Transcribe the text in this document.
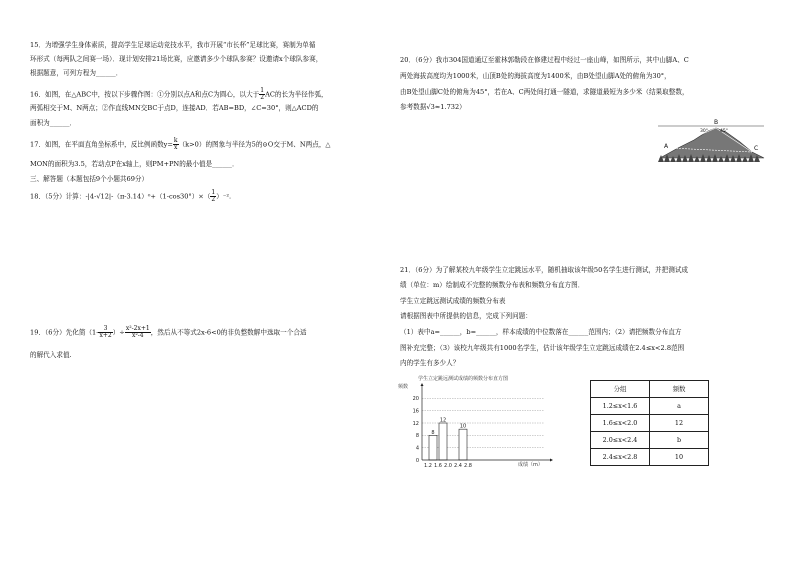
15．为增强学生身体素质，提高学生足球运动竞技水平，我市开展“市长杯”足球比赛，赛制为单循
环形式（每两队之间赛一场）．现计划安排21场比赛，应邀请多少个球队参赛？设邀请x个球队参赛，
根据题意，可列方程为______．
16．如图，在△ABC中，按以下步骤作图：①分别以点A和点C为圆心，以大于 $\frac{1}{2}$ AC的长为半径作弧，
两弧相交于M、N两点；②作直线MN交BC于点D，连接AD．若AB=BD，∠C=30°，则△ACD的
面积为______．
17．如图，在平面直角坐标系中，反比例函数$y= \frac{k}{x} (k>0)$的图象与半径为5的⊙O交于M、N两点，△
MON的面积为3.5，若动点P在x轴上，则PM+PN的最小值是______．
三、解答题（本题包括9个小题共69分）
18．（5分）计算：$-|4-√12|-(\pi-3.14)^0+(1-\cos 30^\circ)\times( \frac{1}{2} )^{-2}$.
19．（6分）先化简（$1- \frac{3}{x+2}$ ）÷ $\frac{\text{x²-2x+1}}{\text{x²-4}}$ ，然后从不等式2x-6<0的非负整数解中选取一个合适
的解代入求值.
20．（6分）我市304国道通辽至霍林郭勒段在修建过程中经过一座山峰，如图所示，其中山脚A、C
两处海拔高度均为1000米，山顶B处的海拔高度为1400米，由B处望山脚A处的俯角为30°，
由B处望山脚C处的俯角为45°，若在A、C两处间打通一隧道，求隧道最短为多少米（结果取整数，
参考数据√3≈1.732）
A
B
C
30°	45°
21．（6分）为了解某校九年级学生立定跳远水平，随机抽取该年级50名学生进行测试，并把测试成
绩（单位：m）绘制成不完整的频数分布表和频数分布直方图．
学生立定跳远测试成绩的频数分布表
请根据图表中所提供的信息，完成下列问题：
（1）表中a=______，b=______，样本成绩的中位数落在______范围内；（2）请把频数分布直方
图补充完整；（3）该校九年级共有1000名学生，估计该年级学生立定跳远成绩在2.4≤x<2.8范围
内的学生有多少人？
学生立定跳远测试成绩的频数分布直方图
频数
成绩（m）
8
12
10
0
4
8
12
16
20
1.2 1.6 2.0 2.4 2.8
分组	频数
1.2≤x<1.6	a
1.6≤x<2.0	12
2.0≤x<2.4	b
2.4≤x<2.8	10
